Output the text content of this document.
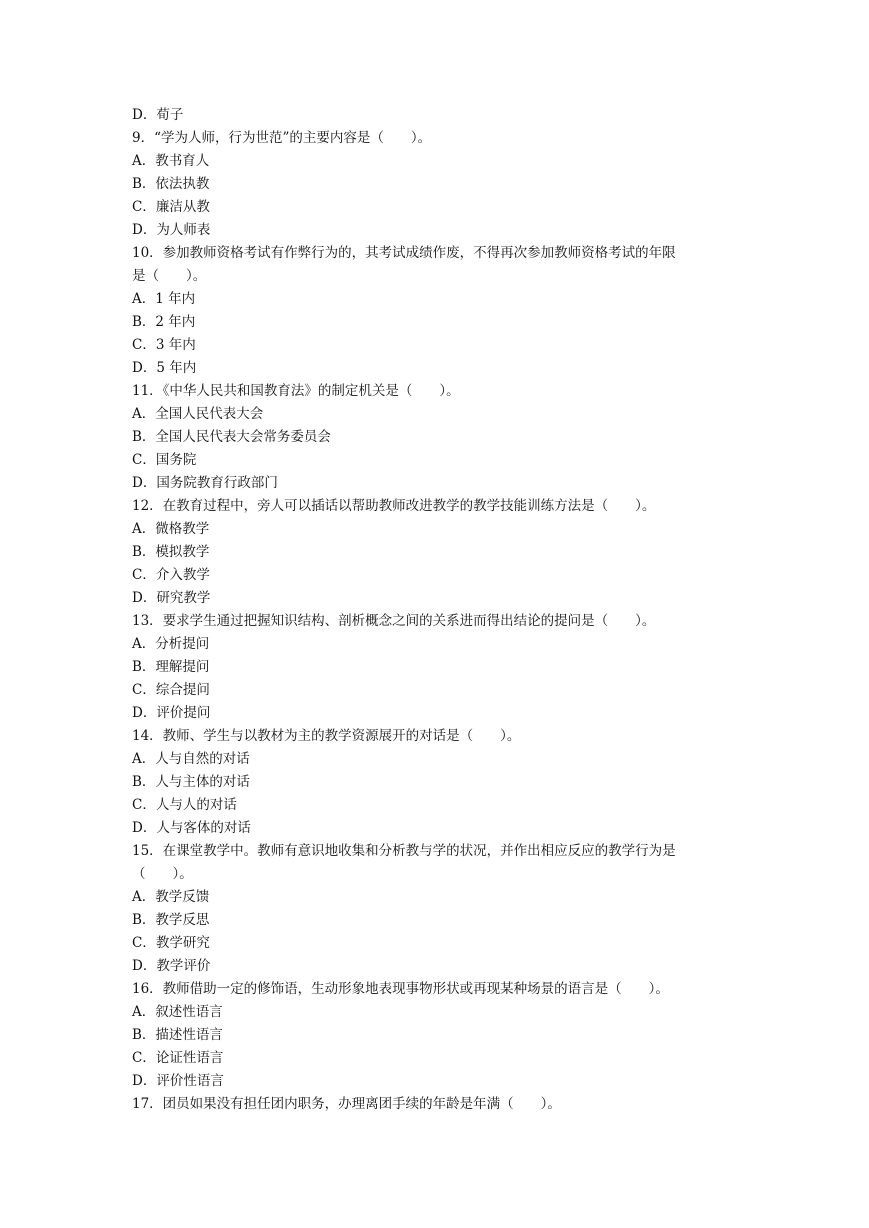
D．荀子
9．“学为人师，行为世范”的主要内容是（　　）。
A．教书育人
B．依法执教
C．廉洁从教
D．为人师表
10．参加教师资格考试有作弊行为的，其考试成绩作废，不得再次参加教师资格考试的年限
是（　　）。
A．1 年内
B．2 年内
C．3 年内
D．5 年内
11．《中华人民共和国教育法》的制定机关是（　　）。
A．全国人民代表大会
B．全国人民代表大会常务委员会
C．国务院
D．国务院教育行政部门
12．在教育过程中，旁人可以插话以帮助教师改进教学的教学技能训练方法是（　　）。
A．微格教学
B．模拟教学
C．介入教学
D．研究教学
13．要求学生通过把握知识结构、剖析概念之间的关系进而得出结论的提问是（　　）。
A．分析提问
B．理解提问
C．综合提问
D．评价提问
14．教师、学生与以教材为主的教学资源展开的对话是（　　）。
A．人与自然的对话
B．人与主体的对话
C．人与人的对话
D．人与客体的对话
15．在课堂教学中。教师有意识地收集和分析教与学的状况，并作出相应反应的教学行为是
（　　）。
A．教学反馈
B．教学反思
C．教学研究
D．教学评价
16．教师借助一定的修饰语，生动形象地表现事物形状或再现某种场景的语言是（　　）。
A．叙述性语言
B．描述性语言
C．论证性语言
D．评价性语言
17．团员如果没有担任团内职务，办理离团手续的年龄是年满（　　）。
